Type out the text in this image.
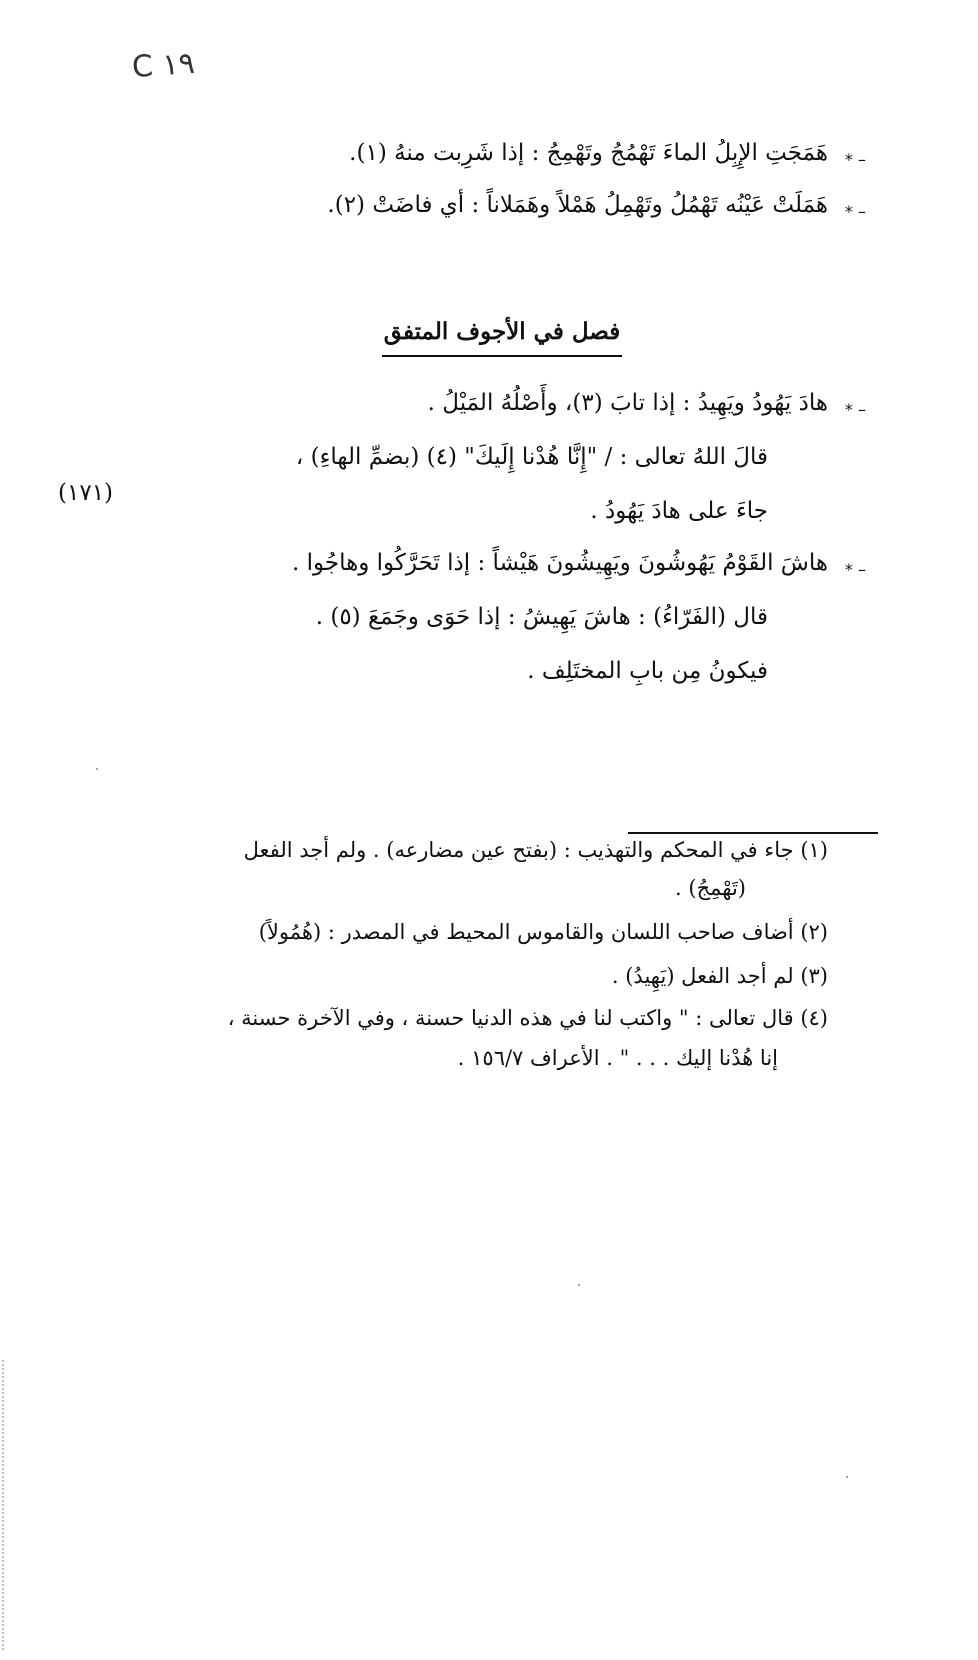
C ١٩
* –
هَمَجَتِ الإِبِلُ الماءَ تَهْمُجُ وتَهْمِجُ : إذا شَرِبت منهُ (١).
* –
هَمَلَتْ عَيْنُه تَهْمُلُ وتَهْمِلُ هَمْلاً وهَمَلاناً : أي فاضَتْ (٢).
فصل في الأجوف المتفق
* –
هادَ يَهُودُ ويَهِيدُ : إذا تابَ (٣)، وأَصْلُهُ المَيْلُ .
قالَ اللهُ تعالى : / "إِنَّا هُدْنا إِلَيكَ" (٤) (بضمِّ الهاءِ) ،
(١٧١)
جاءَ على هادَ يَهُودُ .
* –
هاشَ القَوْمُ يَهُوشُونَ ويَهِيشُونَ هَيْشاً : إذا تَحَرَّكُوا وهاجُوا .
قال (الفَرّاءُ) : هاشَ يَهِيشُ : إذا حَوَى وجَمَعَ (٥) .
فيكونُ مِن بابِ المختَلِف .
(١) جاء في المحكم والتهذيب : (بفتح عين مضارعه) . ولم أجد الفعل
(تَهْمِجُ) .
(٢) أضاف صاحب اللسان والقاموس المحيط في المصدر : (هُمُولاً)
(٣) لم أجد الفعل (يَهِيدُ) .
(٤) قال تعالى : " واكتب لنا في هذه الدنيا حسنة ، وفي الآخرة حسنة ،
إنا هُدْنا إليك . . . " . الأعراف ١٥٦/٧ .
